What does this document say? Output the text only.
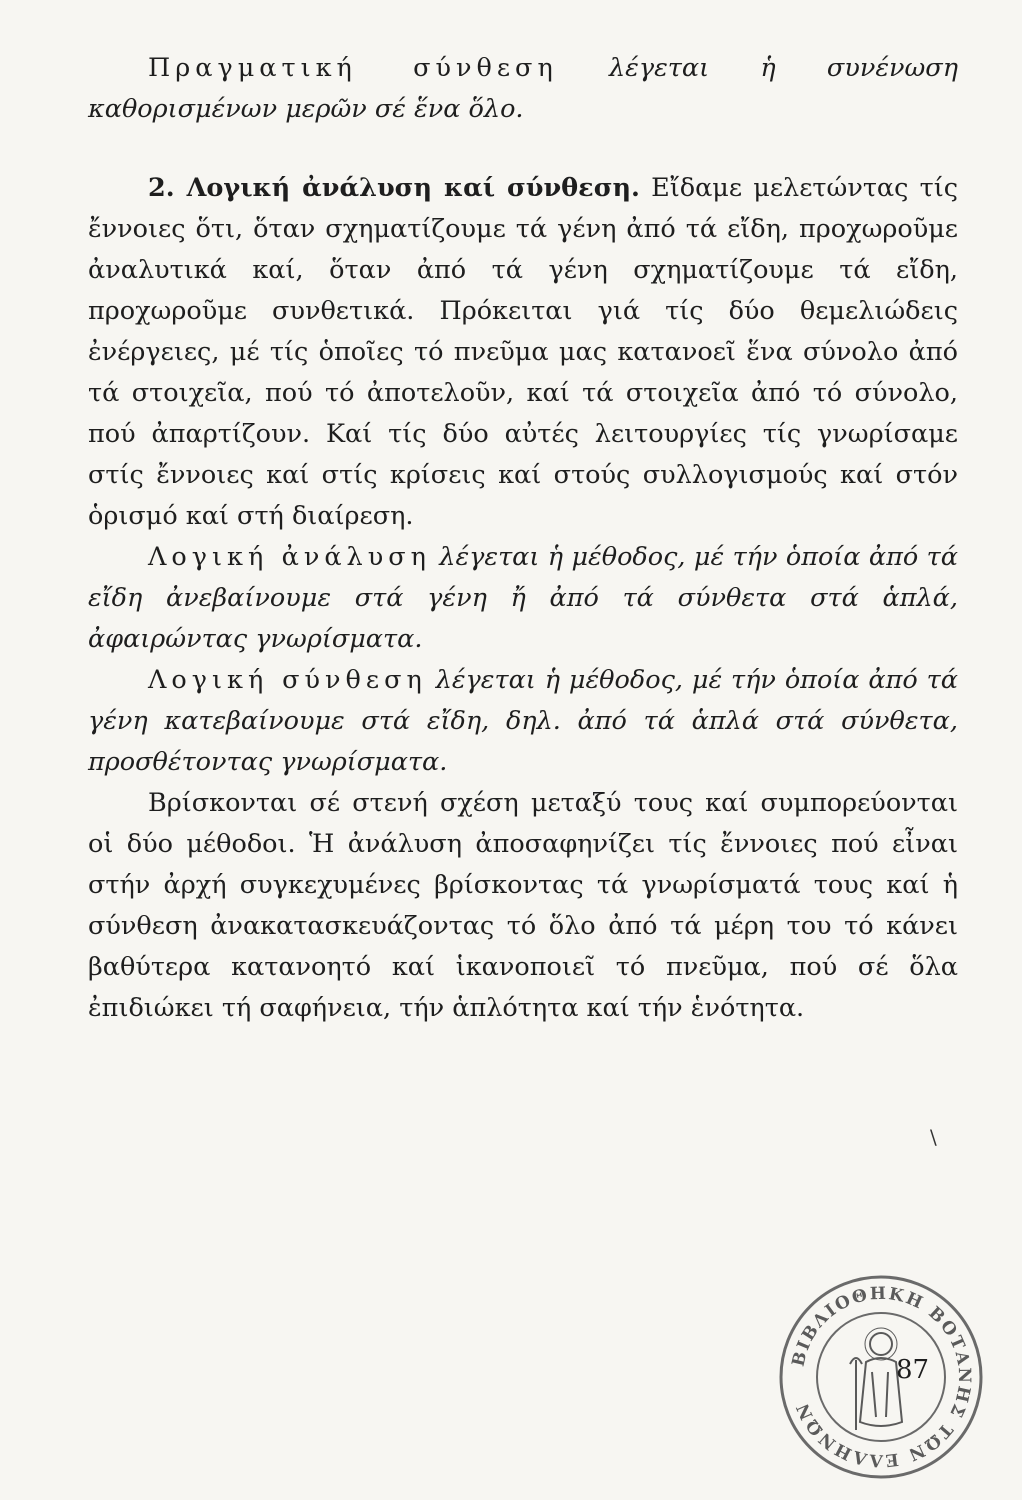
Πραγματική σύνθεση λέγεται ἡ συνένωση καθορισμένων μερῶν σέ ἕνα ὅλο.

2. Λογική ἀνάλυση καί σύνθεση. Εἴδαμε μελετώντας τίς ἔννοιες ὅτι, ὅταν σχηματίζουμε τά γένη ἀπό τά εἴδη, προχωροῦμε ἀναλυτικά καί, ὅταν ἀπό τά γένη σχηματίζουμε τά εἴδη, προχωροῦμε συνθετικά. Πρόκειται γιά τίς δύο θεμελιώδεις ἐνέργειες, μέ τίς ὁποῖες τό πνεῦμα μας κατανοεῖ ἕνα σύνολο ἀπό τά στοιχεῖα, πού τό ἀποτελοῦν, καί τά στοιχεῖα ἀπό τό σύνολο, πού ἀπαρτίζουν. Καί τίς δύο αὐτές λειτουργίες τίς γνωρίσαμε στίς ἔννοιες καί στίς κρίσεις καί στούς συλλογισμούς καί στόν ὁρισμό καί στή διαίρεση.

Λογική ἀνάλυση λέγεται ἡ μέθοδος, μέ τήν ὁποία ἀπό τά εἴδη ἀνεβαίνουμε στά γένη ἤ ἀπό τά σύνθετα στά ἁπλά, ἀφαιρώντας γνωρίσματα.

Λογική σύνθεση λέγεται ἡ μέθοδος, μέ τήν ὁποία ἀπό τά γένη κατεβαίνουμε στά εἴδη, δηλ. ἀπό τά ἁπλά στά σύνθετα, προσθέτοντας γνωρίσματα.

Βρίσκονται σέ στενή σχέση μεταξύ τους καί συμπορεύονται οἱ δύο μέθοδοι. Ἡ ἀνάλυση ἀποσαφηνίζει τίς ἔννοιες πού εἶναι στήν ἀρχή συγκεχυμένες βρίσκοντας τά γνωρίσματά τους καί ἡ σύνθεση ἀνακατασκευάζοντας τό ὅλο ἀπό τά μέρη του τό κάνει βαθύτερα κατανοητό καί ἱκανοποιεῖ τό πνεῦμα, πού σέ ὅλα ἐπιδιώκει τή σαφήνεια, τήν ἁπλότητα καί τήν ἑνότητα.

\
ΒΙΒΛΙΟΘΗΚΗ ΒΟΤΑΝΗΣ ΤΩΝ ΕΛΛΗΝΩΝ
87
